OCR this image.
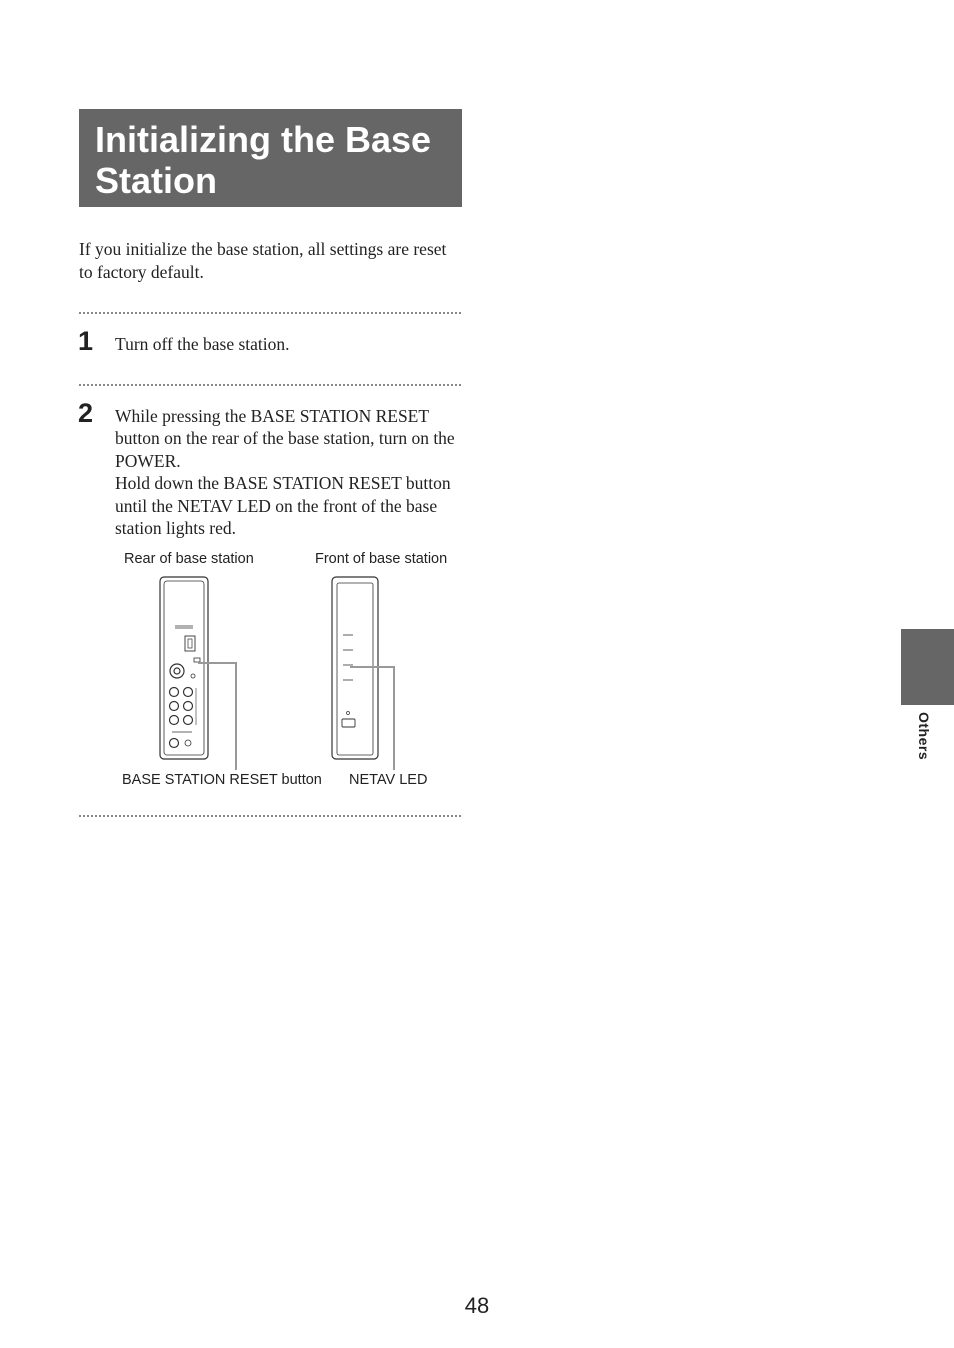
Initializing the Base Station

If you initialize the base station, all settings are reset to factory default.

1 Turn off the base station.

2 While pressing the BASE STATION RESET button on the rear of the base station, turn on the POWER.
Hold down the BASE STATION RESET button until the NETAV LED on the front of the base station lights red.
Rear of base station	Front of base station
BASE STATION RESET button NETAV LED
Others
48
